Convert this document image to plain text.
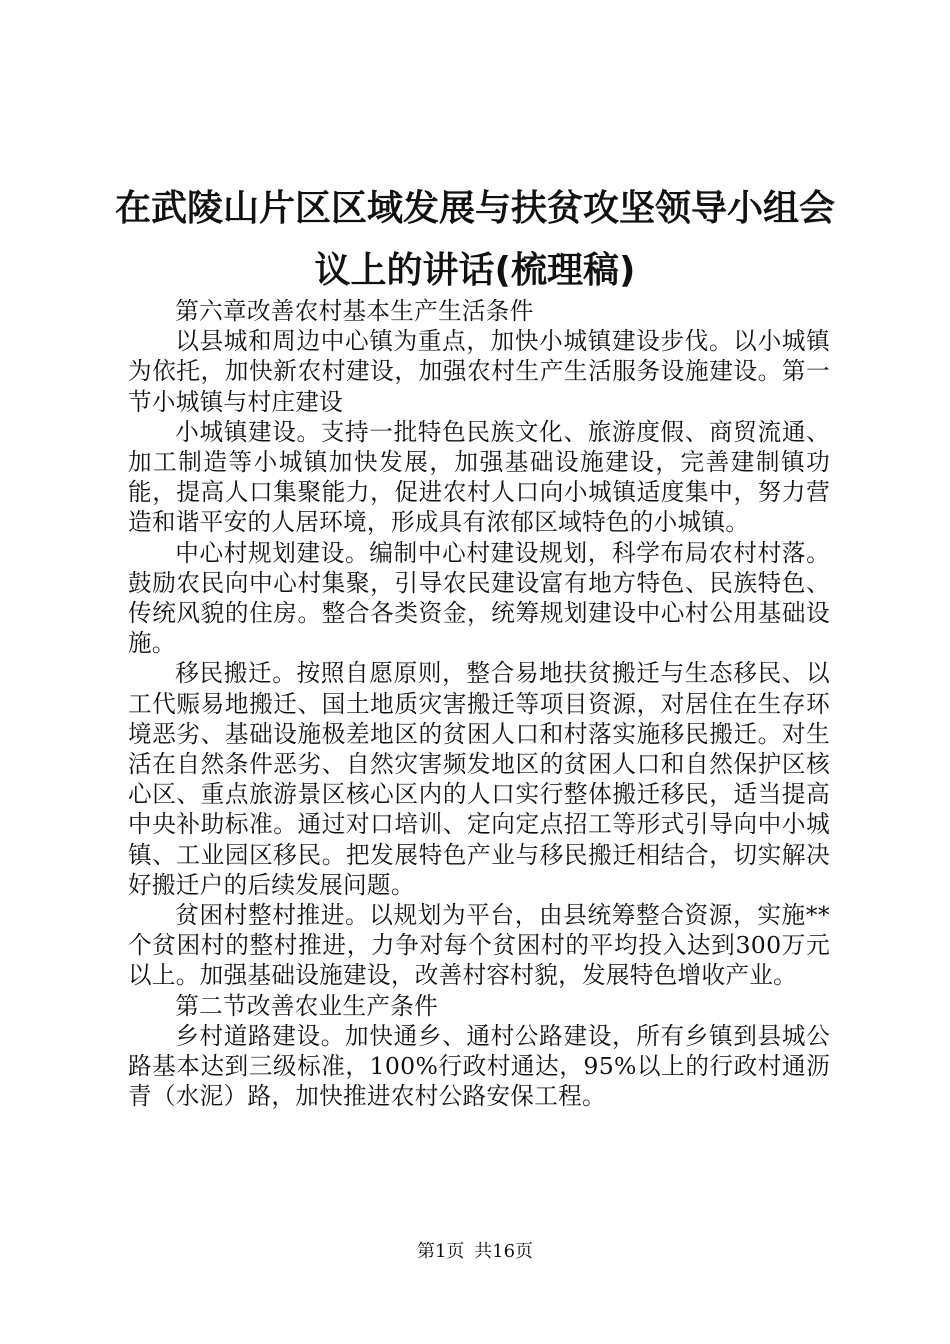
在武陵山片区区域发展与扶贫攻坚领导小组会
议上的讲话(梳理稿)

第六章改善农村基本生产生活条件

以县城和周边中心镇为重点，加快小城镇建设步伐。以小城镇为依托，加快新农村建设，加强农村生产生活服务设施建设。第一节小城镇与村庄建设

小城镇建设。支持一批特色民族文化、旅游度假、商贸流通、加工制造等小城镇加快发展，加强基础设施建设，完善建制镇功能，提高人口集聚能力，促进农村人口向小城镇适度集中，努力营造和谐平安的人居环境，形成具有浓郁区域特色的小城镇。

中心村规划建设。编制中心村建设规划，科学布局农村村落。鼓励农民向中心村集聚，引导农民建设富有地方特色、民族特色、传统风貌的住房。整合各类资金，统筹规划建设中心村公用基础设施。

移民搬迁。按照自愿原则，整合易地扶贫搬迁与生态移民、以工代赈易地搬迁、国土地质灾害搬迁等项目资源，对居住在生存环境恶劣、基础设施极差地区的贫困人口和村落实施移民搬迁。对生活在自然条件恶劣、自然灾害频发地区的贫困人口和自然保护区核心区、重点旅游景区核心区内的人口实行整体搬迁移民，适当提高中央补助标准。通过对口培训、定向定点招工等形式引导向中小城镇、工业园区移民。把发展特色产业与移民搬迁相结合，切实解决好搬迁户的后续发展问题。

贫困村整村推进。以规划为平台，由县统筹整合资源，实施**个贫困村的整村推进，力争对每个贫困村的平均投入达到300万元以上。加强基础设施建设，改善村容村貌，发展特色增收产业。

第二节改善农业生产条件

乡村道路建设。加快通乡、通村公路建设，所有乡镇到县城公路基本达到三级标准，100%行政村通达，95%以上的行政村通沥青（水泥）路，加快推进农村公路安保工程。

第1页 共16页
